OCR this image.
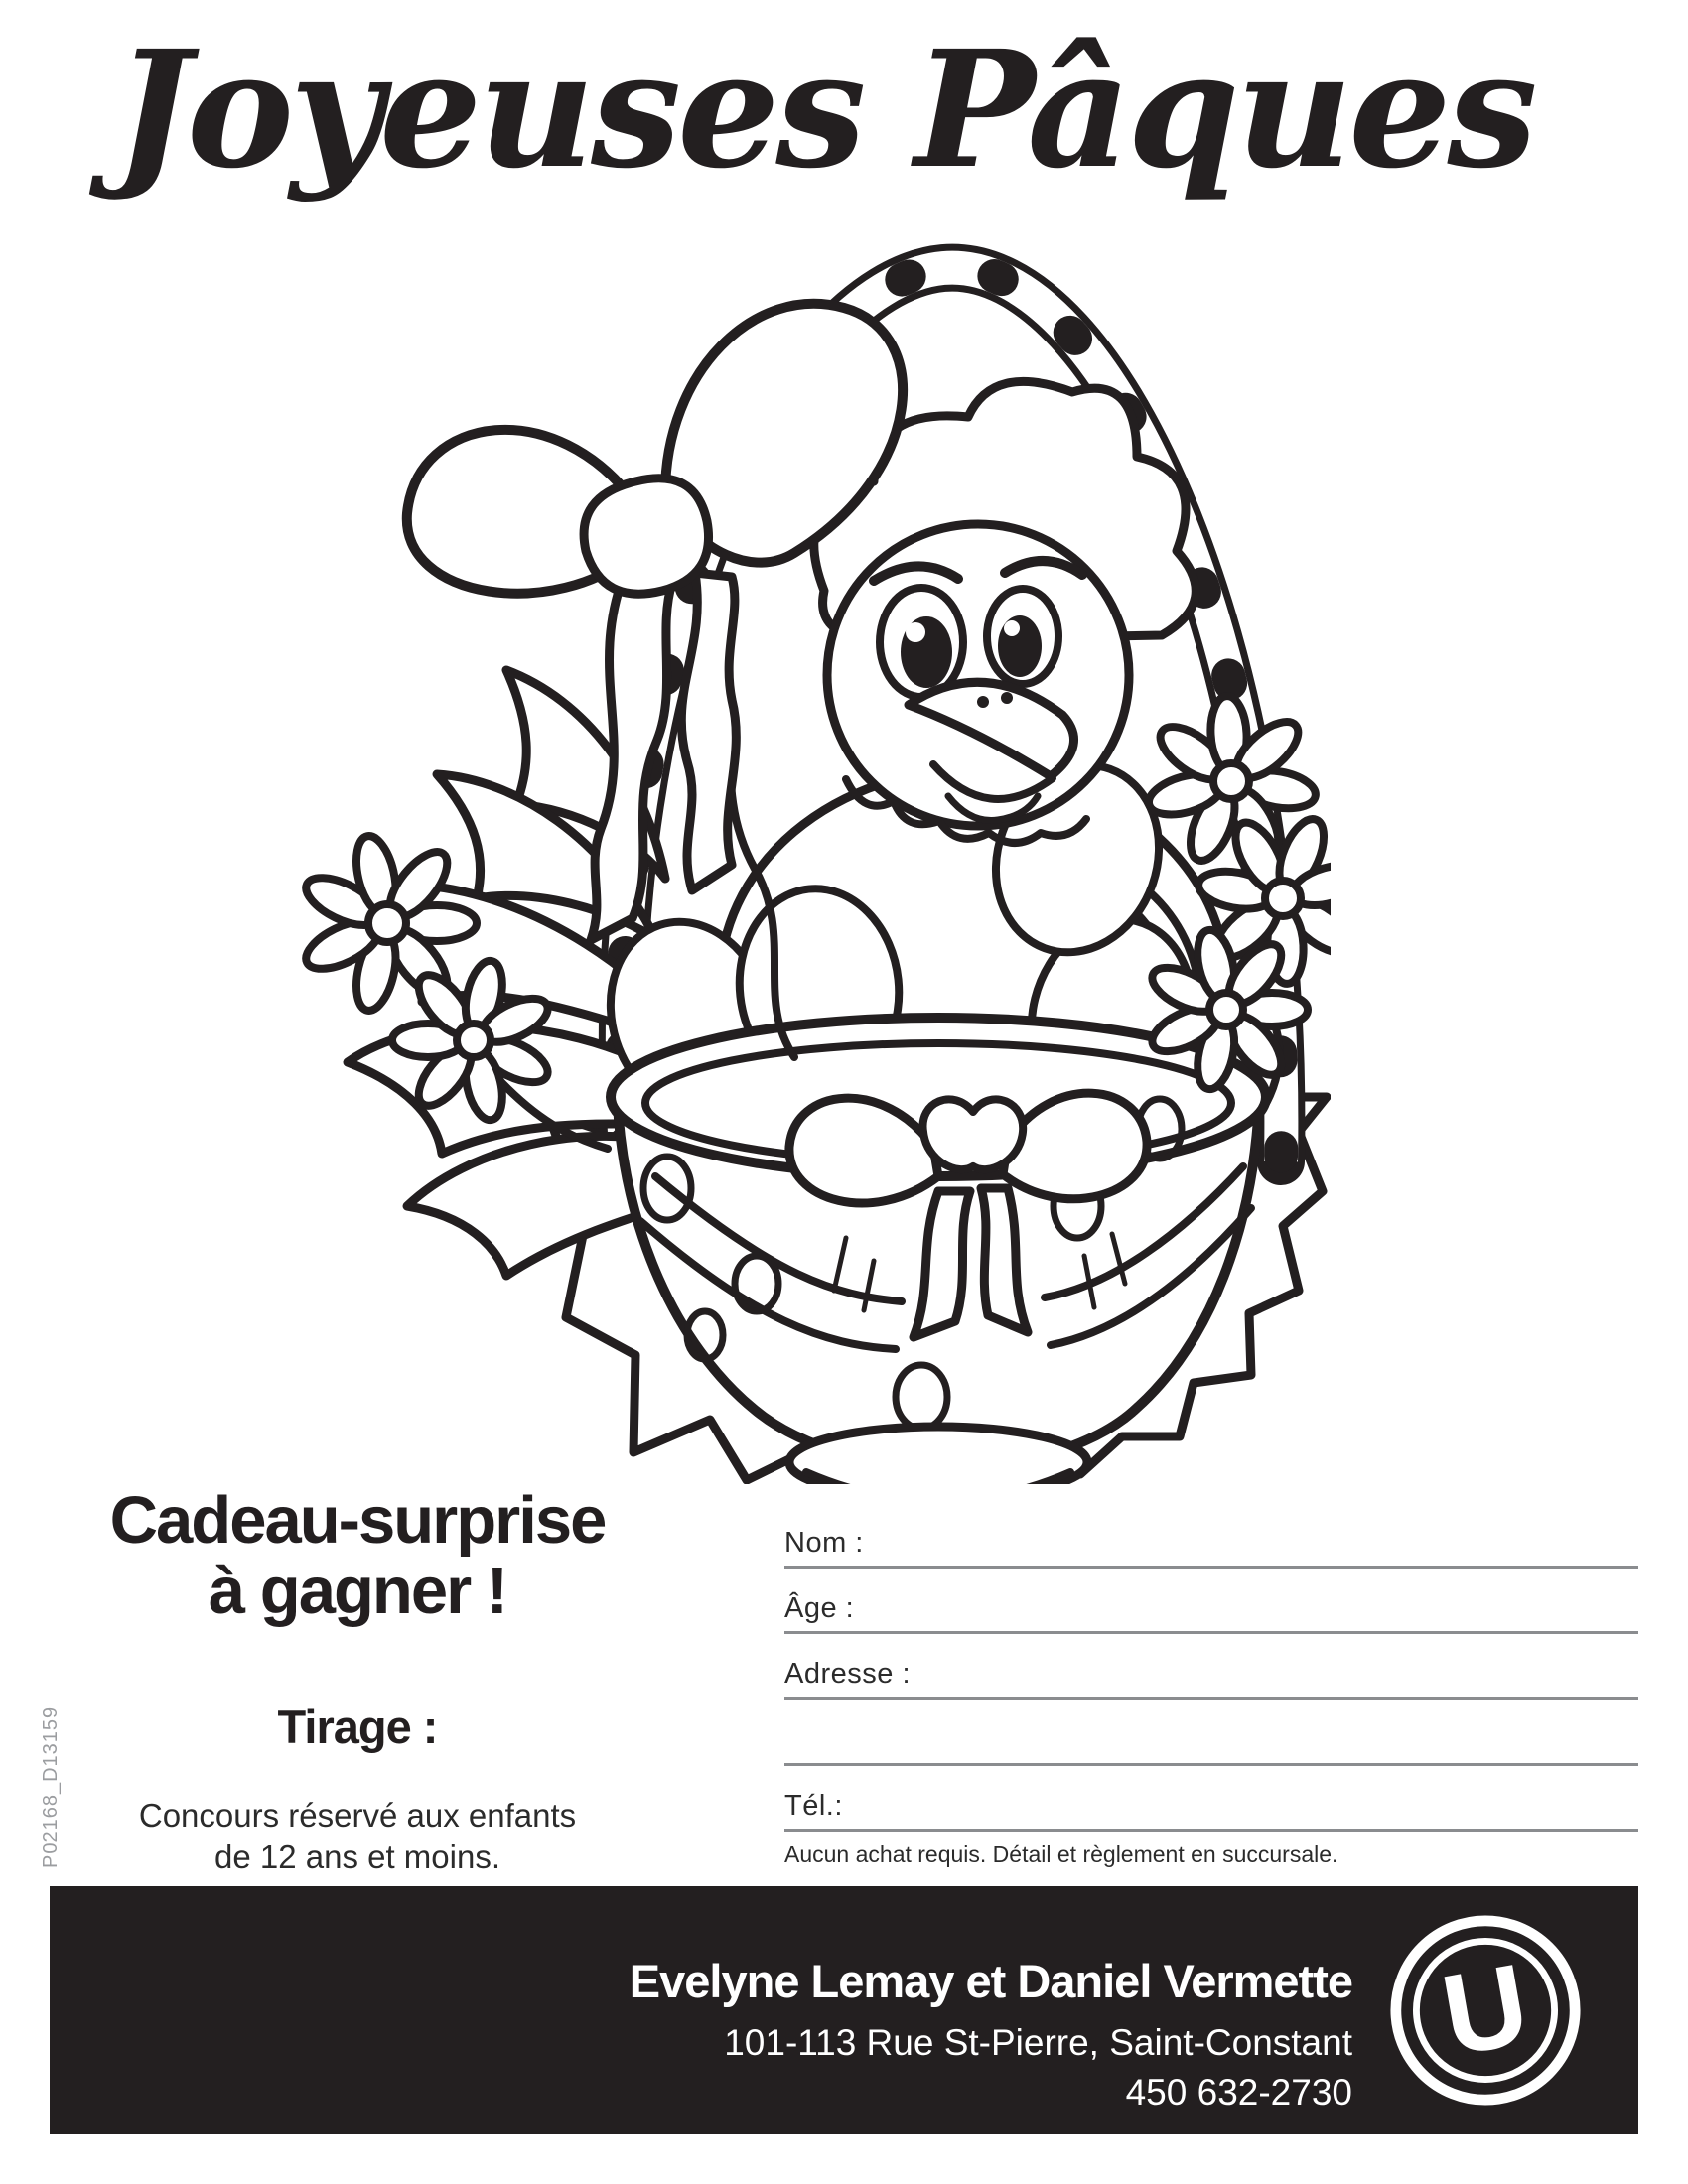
Joyeuses Pâques
Cadeau-surprise
à gagner !
Tirage :
Concours réservé aux enfants
de 12 ans et moins.
Nom :
Âge :
Adresse :
Tél.:
Aucun achat requis. Détail et règlement en succursale.
P02168_D13159
Evelyne Lemay et Daniel Vermette
101-113 Rue St-Pierre, Saint-Constant
450 632-2730
U
